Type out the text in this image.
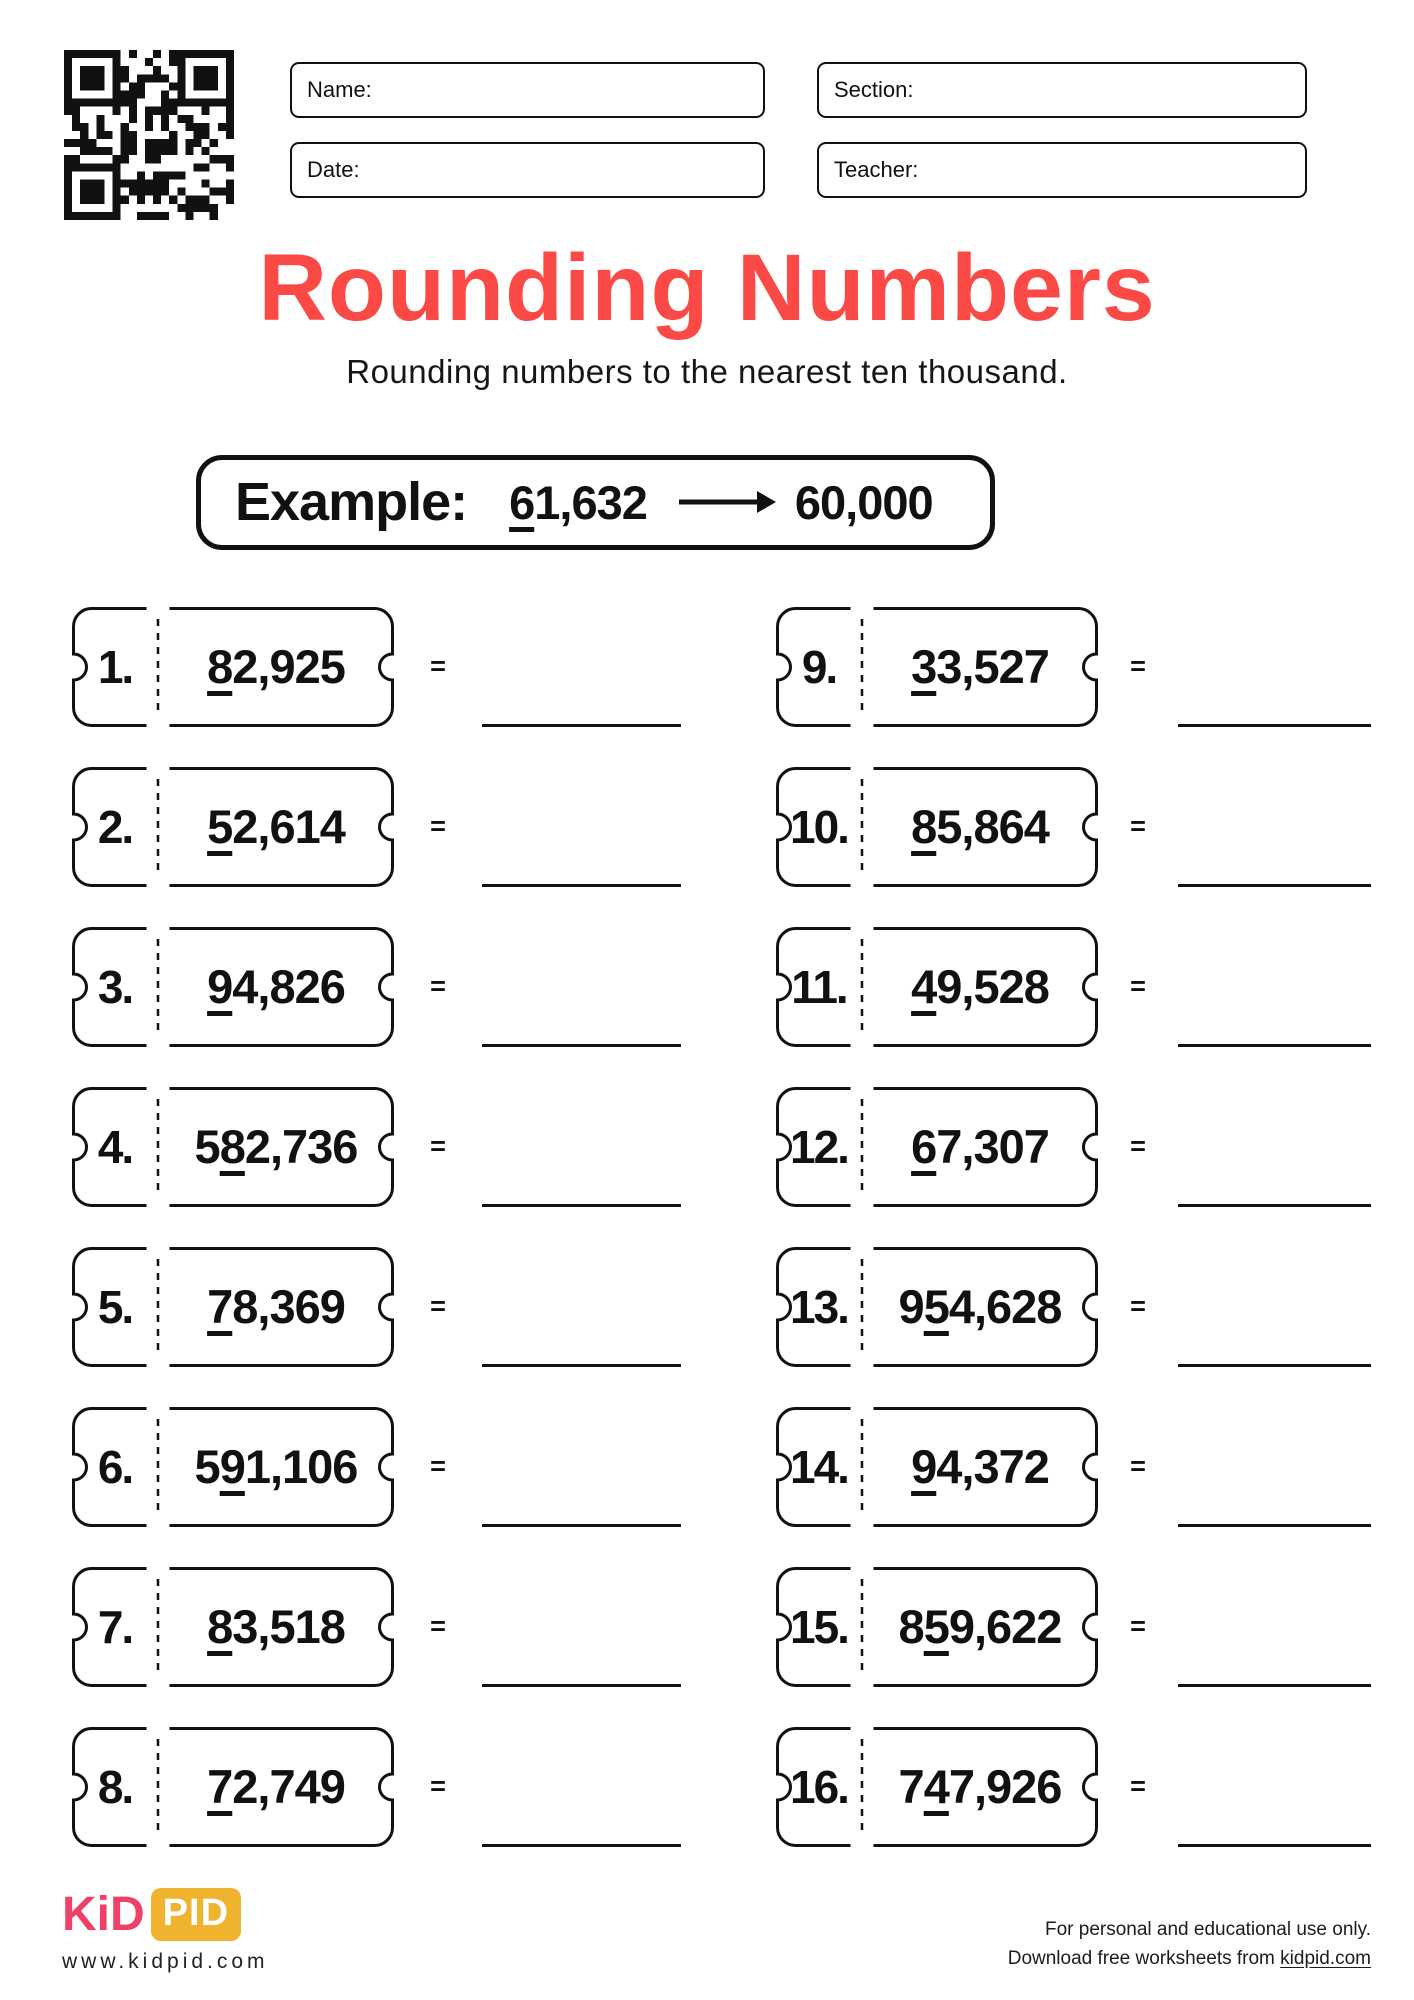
Name:	Section:
Date:	Teacher:
Rounding Numbers

Rounding numbers to the nearest ten thousand.

Example: 61,632	60,000
1.	8 2,925	=	9.	3 3,527	=
2.	5 2,614	=	10. 8 5,864	=
3.	9 4,826	=	11.	4 9,528	=
4.	5 8 2,736	=	12. 6 7,307	=
5.	7 8,369	=	13. 9 5 4,628	=
6.	5 9 1,106	=	14. 9 4,372	=
7.	8 3,518	=	15. 8 5 9,622	=
8.	7 2,749	=	16. 7 4 7,926	=
KiD PID
www.kidpid.com
For personal and educational use only.
Download free worksheets from kidpid.com
